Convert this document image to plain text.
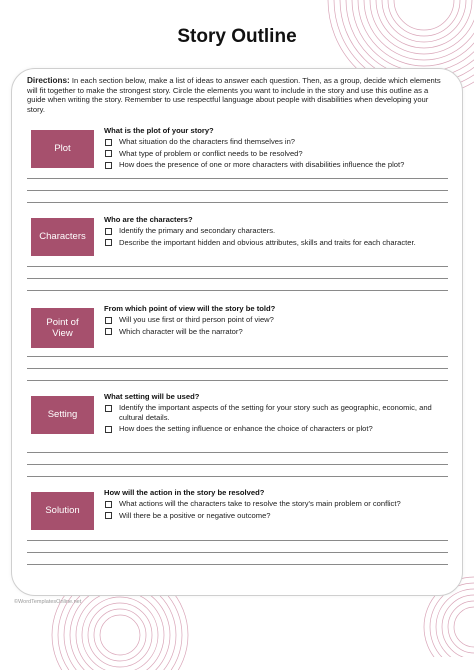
Story Outline
Directions: In each section below, make a list of ideas to answer each question. Then, as a group, decide which elements will fit together to make the strongest story. Circle the elements you want to include in the story and use this outline as a guide when writing the story. Remember to use respectful language about people with disabilities when developing your story.
Plot
What is the plot of your story?
What situation do the characters find themselves in?
What type of problem or conflict needs to be resolved?
How does the presence of one or more characters with disabilities influence the plot?
Characters
Who are the characters?
Identify the primary and secondary characters.
Describe the important hidden and obvious attributes, skills and traits for each character.
Point of View
From which point of view will the story be told?
Will you use first or third person point of view?
Which character will be the narrator?
Setting
What setting will be used?
Identify the important aspects of the setting for your story such as geographic, economic, and cultural details.
How does the setting influence or enhance the choice of characters or plot?
Solution
How will the action in the story be resolved?
What actions will the characters take to resolve the story's main problem or conflict?
Will there be a positive or negative outcome?
©WordTemplatesOnline.net
